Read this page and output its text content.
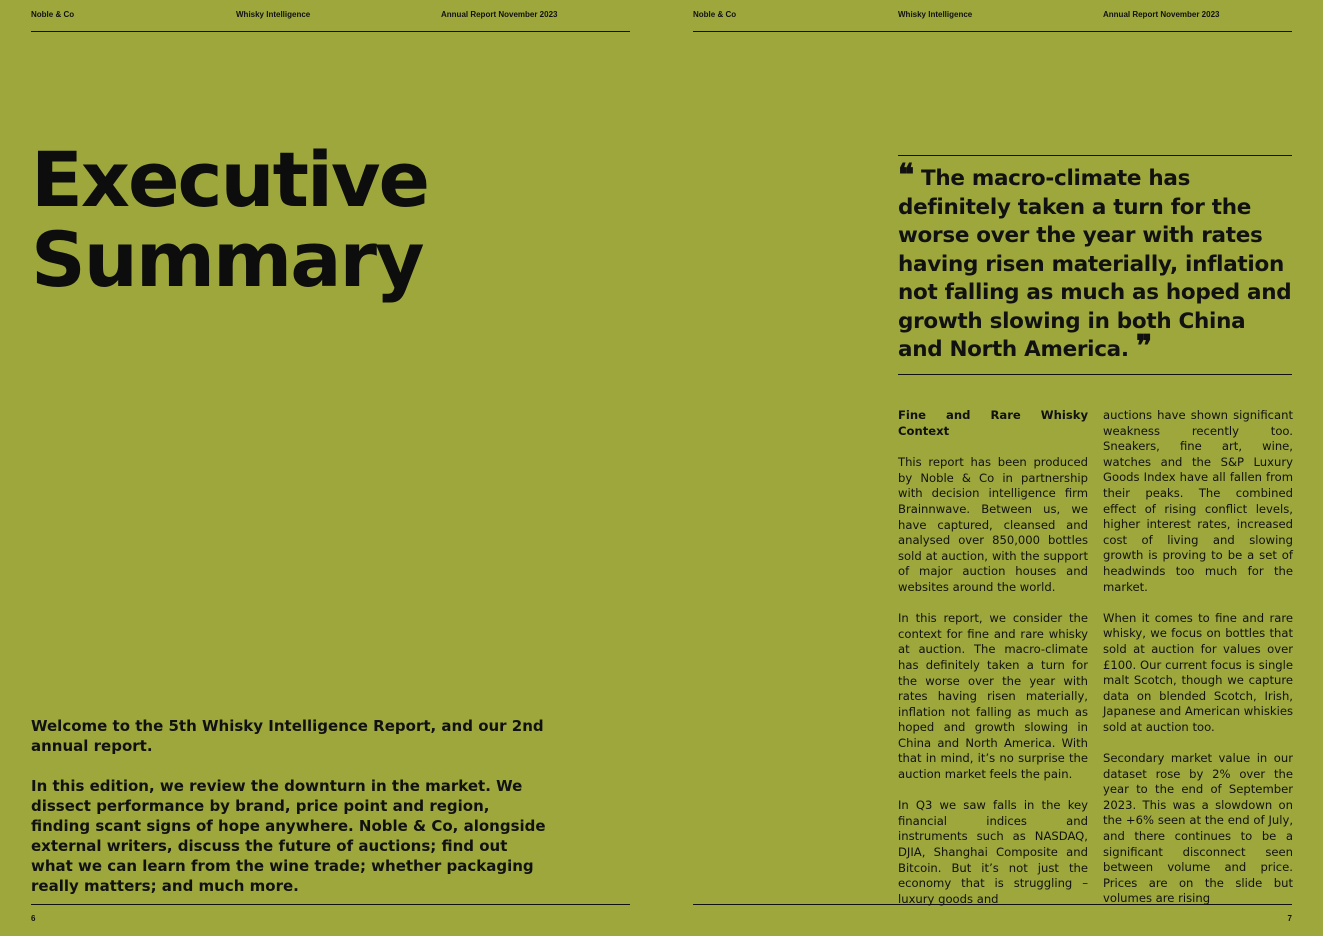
Noble & Co	Whisky Intelligence	Annual Report November 2023
Executive
Summary

Welcome to the 5th Whisky Intelligence Report, and our 2nd annual report.

In this edition, we review the downturn in the market. We dissect performance by brand, price point and region, finding scant signs of hope anywhere. Noble & Co, alongside external writers, discuss the future of auctions; find out what we can learn from the wine trade; whether packaging really matters; and much more.

6
Noble & Co	Whisky Intelligence	Annual Report November 2023

❝ The macro-climate has definitely taken a turn for the worse over the year with rates having risen materially, inflation not falling as much as hoped and growth slowing in both China and North America. ❞

Fine and Rare Whisky Context

This report has been produced by Noble & Co in partnership with decision intelligence firm Brainnwave. Between us, we have captured, cleansed and analysed over 850,000 bottles sold at auction, with the support of major auction houses and websites around the world.

In this report, we consider the context for fine and rare whisky at auction. The macro-climate has definitely taken a turn for the worse over the year with rates having risen materially, inflation not falling as much as hoped and growth slowing in China and North America. With that in mind, it’s no surprise the auction market feels the pain.

In Q3 we saw falls in the key financial indices and instruments such as NASDAQ, DJIA, Shanghai Composite and Bitcoin. But it’s not just the economy that is struggling – luxury goods and

auctions have shown significant weakness recently too. Sneakers, fine art, wine, watches and the S&P Luxury Goods Index have all fallen from their peaks. The combined effect of rising conflict levels, higher interest rates, increased cost of living and slowing growth is proving to be a set of headwinds too much for the market.

When it comes to fine and rare whisky, we focus on bottles that sold at auction for values over £100. Our current focus is single malt Scotch, though we capture data on blended Scotch, Irish, Japanese and American whiskies sold at auction too.

Secondary market value in our dataset rose by 2% over the year to the end of September 2023. This was a slowdown on the +6% seen at the end of July, and there continues to be a significant disconnect seen between volume and price. Prices are on the slide but volumes are rising

7
